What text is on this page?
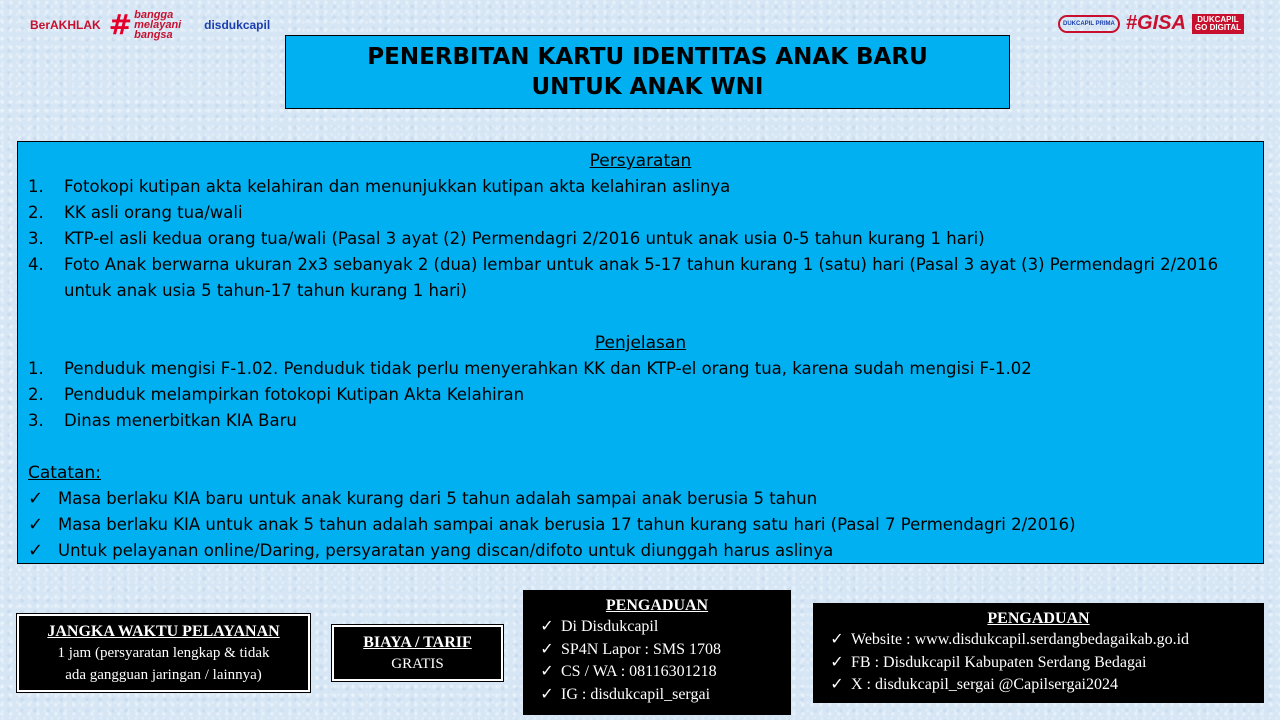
BerAKHLAK # bangga melayani bangsa
disdukcapil	DUKCAPIL PRIMA #GISA DUKCAPIL
GO DIGITAL
PENERBITAN KARTU IDENTITAS ANAK BARU
UNTUK ANAK WNI
Persyaratan
1.	Fotokopi kutipan akta kelahiran dan menunjukkan kutipan akta kelahiran aslinya
2.	KK asli orang tua/wali
3.	KTP-el asli kedua orang tua/wali (Pasal 3 ayat (2) Permendagri 2/2016 untuk anak usia 0-5 tahun kurang 1 hari)
4.	Foto Anak berwarna ukuran 2x3 sebanyak 2 (dua) lembar untuk anak 5-17 tahun kurang 1 (satu) hari (Pasal 3 ayat (3) Permendagri 2/2016 untuk anak usia 5 tahun-17 tahun kurang 1 hari)
Penjelasan
1.	Penduduk mengisi F-1.02. Penduduk tidak perlu menyerahkan KK dan KTP-el orang tua, karena sudah mengisi F-1.02
2.	Penduduk melampirkan fotokopi Kutipan Akta Kelahiran
3.	Dinas menerbitkan KIA Baru
Catatan:
✓ Masa berlaku KIA baru untuk anak kurang dari 5 tahun adalah sampai anak berusia 5 tahun
✓ Masa berlaku KIA untuk anak 5 tahun adalah sampai anak berusia 17 tahun kurang satu hari (Pasal 7 Permendagri 2/2016)
✓ Untuk pelayanan online/Daring, persyaratan yang discan/difoto untuk diunggah harus aslinya
JANGKA WAKTU PELAYANAN
1 jam (persyaratan lengkap & tidak
ada gangguan jaringan / lainnya)
BIAYA / TARIF
GRATIS
PENGADUAN
✓ Di Disdukcapil
✓ SP4N Lapor : SMS 1708
✓ CS / WA : 08116301218
✓ IG : disdukcapil_sergai
PENGADUAN
✓ Website : www.disdukcapil.serdangbedagaikab.go.id
✓ FB : Disdukcapil Kabupaten Serdang Bedagai
✓ X : disdukcapil_sergai @Capilsergai2024
